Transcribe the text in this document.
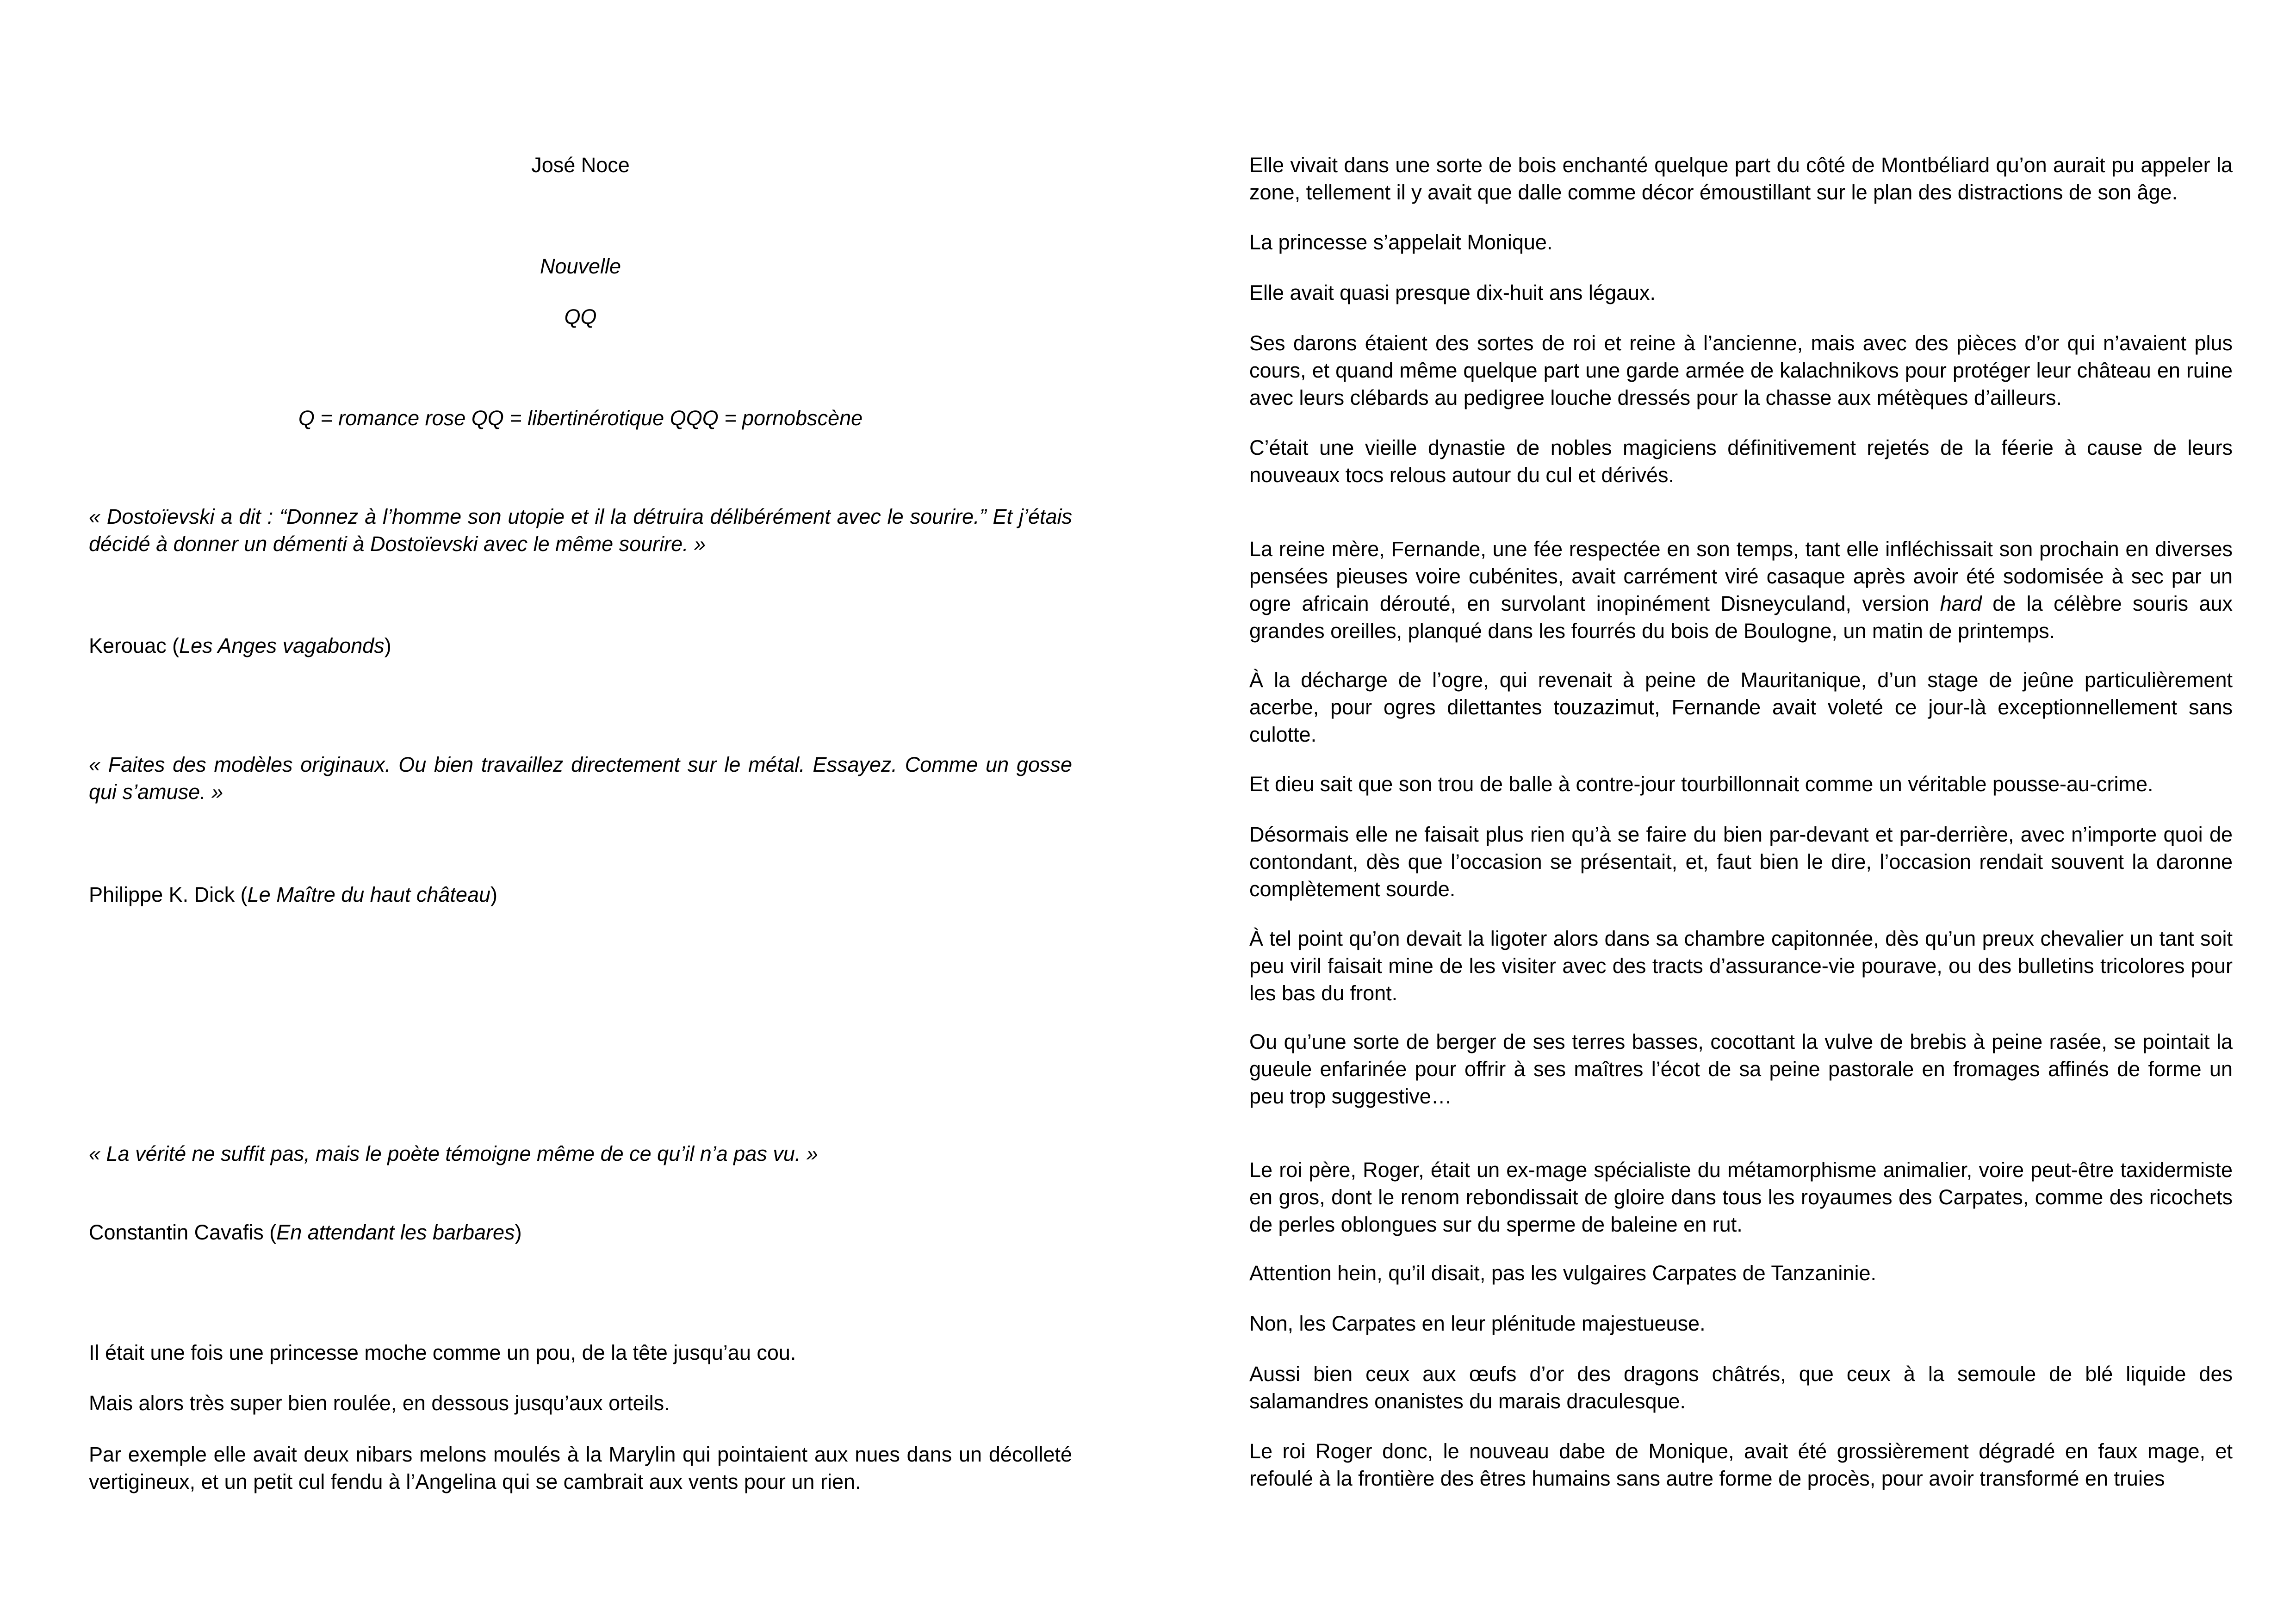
José Noce

Nouvelle

QQ

Q = romance rose QQ = libertinérotique QQQ = pornobscène

« Dostoïevski a dit : “Donnez à l’homme son utopie et il la détruira délibérément avec le sourire.” Et j’étais décidé à donner un démenti à Dostoïevski avec le même sourire. »

Kerouac (Les Anges vagabonds)

« Faites des modèles originaux. Ou bien travaillez directement sur le métal. Essayez. Comme un gosse qui s’amuse. »

Philippe K. Dick (Le Maître du haut château)

« La vérité ne suffit pas, mais le poète témoigne même de ce qu’il n’a pas vu. »

Constantin Cavafis (En attendant les barbares)

Il était une fois une princesse moche comme un pou, de la tête jusqu’au cou.

Mais alors très super bien roulée, en dessous jusqu’aux orteils.

Par exemple elle avait deux nibars melons moulés à la Marylin qui pointaient aux nues dans un décolleté vertigineux, et un petit cul fendu à l’Angelina qui se cambrait aux vents pour un rien.

Elle vivait dans une sorte de bois enchanté quelque part du côté de Montbéliard qu’on aurait pu appeler la zone, tellement il y avait que dalle comme décor émoustillant sur le plan des distractions de son âge.

La princesse s’appelait Monique.

Elle avait quasi presque dix-huit ans légaux.

Ses darons étaient des sortes de roi et reine à l’ancienne, mais avec des pièces d’or qui n’avaient plus cours, et quand même quelque part une garde armée de kalachnikovs pour protéger leur château en ruine avec leurs clébards au pedigree louche dressés pour la chasse aux métèques d’ailleurs.

C’était une vieille dynastie de nobles magiciens définitivement rejetés de la féerie à cause de leurs nouveaux tocs relous autour du cul et dérivés.

La reine mère, Fernande, une fée respectée en son temps, tant elle infléchissait son prochain en diverses pensées pieuses voire cubénites, avait carrément viré casaque après avoir été sodomisée à sec par un ogre africain dérouté, en survolant inopinément Disneyculand, version hard de la célèbre souris aux grandes oreilles, planqué dans les fourrés du bois de Boulogne, un matin de printemps.

À la décharge de l’ogre, qui revenait à peine de Mauritanique, d’un stage de jeûne particulièrement acerbe, pour ogres dilettantes touzazimut, Fernande avait voleté ce jour-là exceptionnellement sans culotte.

Et dieu sait que son trou de balle à contre-jour tourbillonnait comme un véritable pousse-au-crime.

Désormais elle ne faisait plus rien qu’à se faire du bien par-devant et par-derrière, avec n’importe quoi de contondant, dès que l’occasion se présentait, et, faut bien le dire, l’occasion rendait souvent la daronne complètement sourde.

À tel point qu’on devait la ligoter alors dans sa chambre capitonnée, dès qu’un preux chevalier un tant soit peu viril faisait mine de les visiter avec des tracts d’assurance-vie pourave, ou des bulletins tricolores pour les bas du front.

Ou qu’une sorte de berger de ses terres basses, cocottant la vulve de brebis à peine rasée, se pointait la gueule enfarinée pour offrir à ses maîtres l’écot de sa peine pastorale en fromages affinés de forme un peu trop suggestive…

Le roi père, Roger, était un ex-mage spécialiste du métamorphisme animalier, voire peut-être taxidermiste en gros, dont le renom rebondissait de gloire dans tous les royaumes des Carpates, comme des ricochets de perles oblongues sur du sperme de baleine en rut.

Attention hein, qu’il disait, pas les vulgaires Carpates de Tanzaninie.

Non, les Carpates en leur plénitude majestueuse.

Aussi bien ceux aux œufs d’or des dragons châtrés, que ceux à la semoule de blé liquide des salamandres onanistes du marais draculesque.

Le roi Roger donc, le nouveau dabe de Monique, avait été grossièrement dégradé en faux mage, et refoulé à la frontière des êtres humains sans autre forme de procès, pour avoir transformé en truies
